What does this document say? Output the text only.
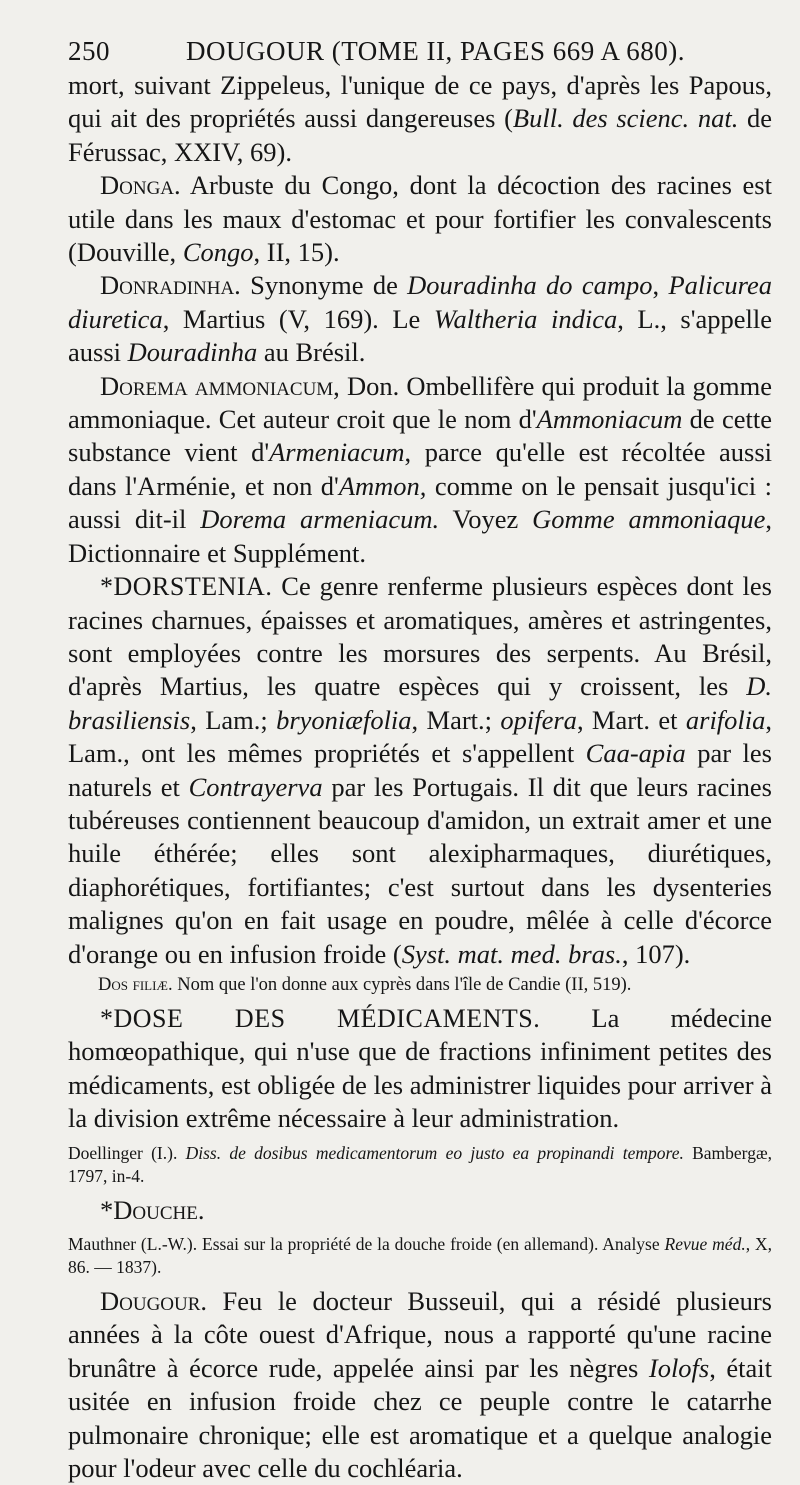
250	DOUGOUR (TOME II, PAGES 669 A 680).

mort, suivant Zippeleus, l'unique de ce pays, d'après les Papous, qui ait des propriétés aussi dangereuses (Bull. des scienc. nat. de Férussac, XXIV, 69).

Donga. Arbuste du Congo, dont la décoction des racines est utile dans les maux d'estomac et pour fortifier les convalescents (Douville, Congo, II, 15).

Donradinha. Synonyme de Douradinha do campo, Palicurea diuretica, Martius (V, 169). Le Waltheria indica, L., s'appelle aussi Douradinha au Brésil.

Dorema ammoniacum, Don. Ombellifère qui produit la gomme ammoniaque. Cet auteur croit que le nom d'Ammoniacum de cette substance vient d'Armeniacum, parce qu'elle est récoltée aussi dans l'Arménie, et non d'Ammon, comme on le pensait jusqu'ici : aussi dit-il Dorema armeniacum. Voyez Gomme ammoniaque, Dictionnaire et Supplément.

*DORSTENIA. Ce genre renferme plusieurs espèces dont les racines charnues, épaisses et aromatiques, amères et astringentes, sont employées contre les morsures des serpents. Au Brésil, d'après Martius, les quatre espèces qui y croissent, les D. brasiliensis, Lam.; bryoniæfolia, Mart.; opifera, Mart. et arifolia, Lam., ont les mêmes propriétés et s'appellent Caa-apia par les naturels et Contrayerva par les Portugais. Il dit que leurs racines tubéreuses contiennent beaucoup d'amidon, un extrait amer et une huile éthérée; elles sont alexipharmaques, diurétiques, diaphorétiques, fortifiantes; c'est surtout dans les dysenteries malignes qu'on en fait usage en poudre, mêlée à celle d'écorce d'orange ou en infusion froide (Syst. mat. med. bras., 107).

Dos filiæ. Nom que l'on donne aux cyprès dans l'île de Candie (II, 519).

*DOSE DES MÉDICAMENTS. La médecine homœopathique, qui n'use que de fractions infiniment petites des médicaments, est obligée de les administrer liquides pour arriver à la division extrême nécessaire à leur administration.

Doellinger (I.). Diss. de dosibus medicamentorum eo justo ea propinandi tempore. Bambergæ, 1797, in-4.

*Douche.

Mauthner (L.-W.). Essai sur la propriété de la douche froide (en allemand). Analyse Revue méd., X, 86. — 1837).

Dougour. Feu le docteur Busseuil, qui a résidé plusieurs années à la côte ouest d'Afrique, nous a rapporté qu'une racine brunâtre à écorce rude, appelée ainsi par les nègres Iolofs, était usitée en infusion froide chez ce peuple contre le catarrhe pulmonaire chronique; elle est aromatique et a quelque analogie pour l'odeur avec celle du cochléaria.
